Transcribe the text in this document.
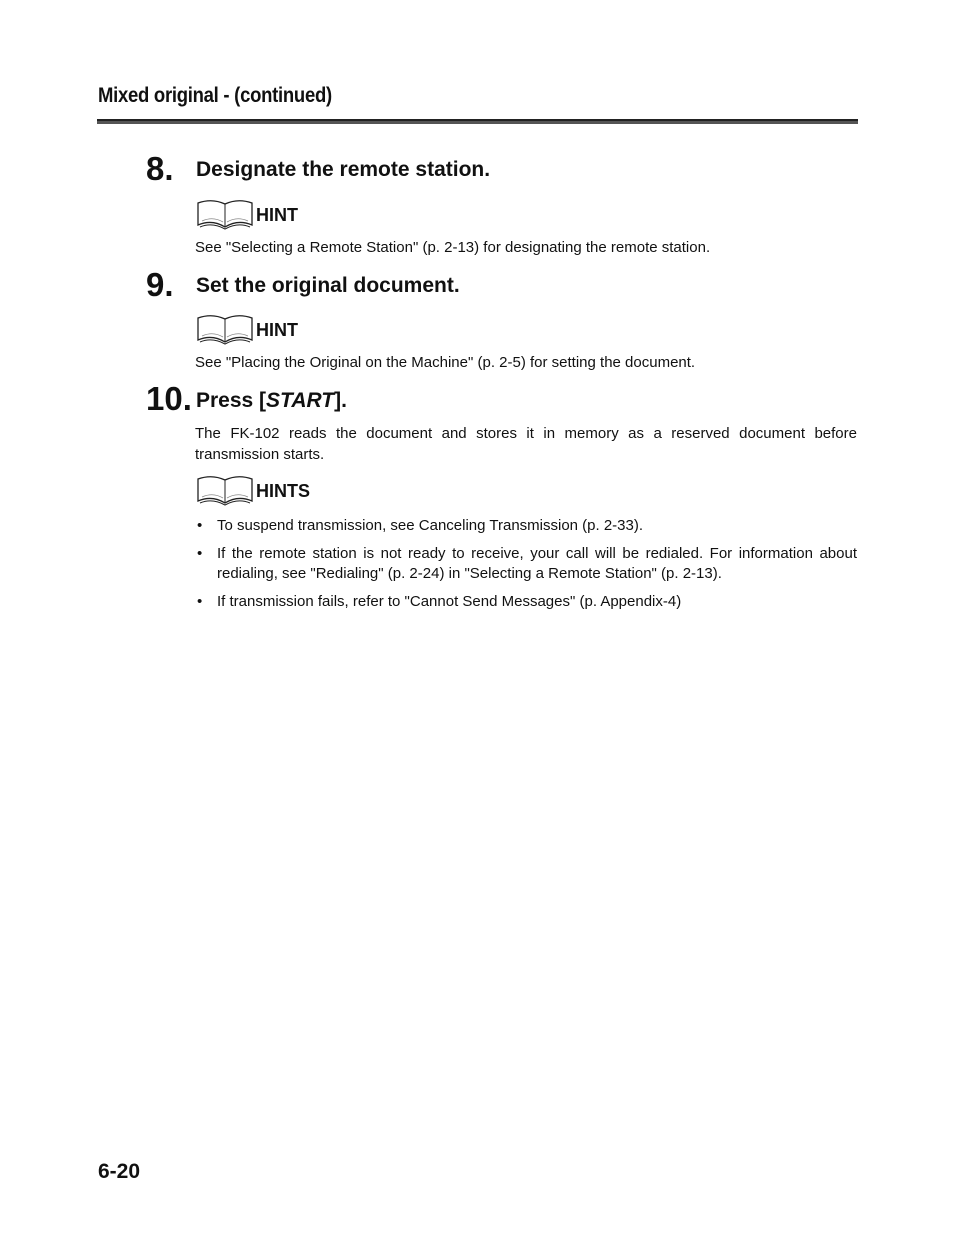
Mixed original - (continued)
8. Designate the remote station.
HINT
See "Selecting a Remote Station" (p. 2-13) for designating the remote station.
9. Set the original document.
HINT
See "Placing the Original on the Machine" (p. 2-5) for setting the document.
10. Press [START].
The FK-102 reads the document and stores it in memory as a reserved document before transmission starts.
HINTS
• To suspend transmission, see Canceling Transmission (p. 2-33).
• If the remote station is not ready to receive, your call will be redialed. For information about redialing, see "Redialing" (p. 2-24) in "Selecting a Remote Station" (p. 2-13).
• If transmission fails, refer to "Cannot Send Messages" (p. Appendix-4)
6-20
